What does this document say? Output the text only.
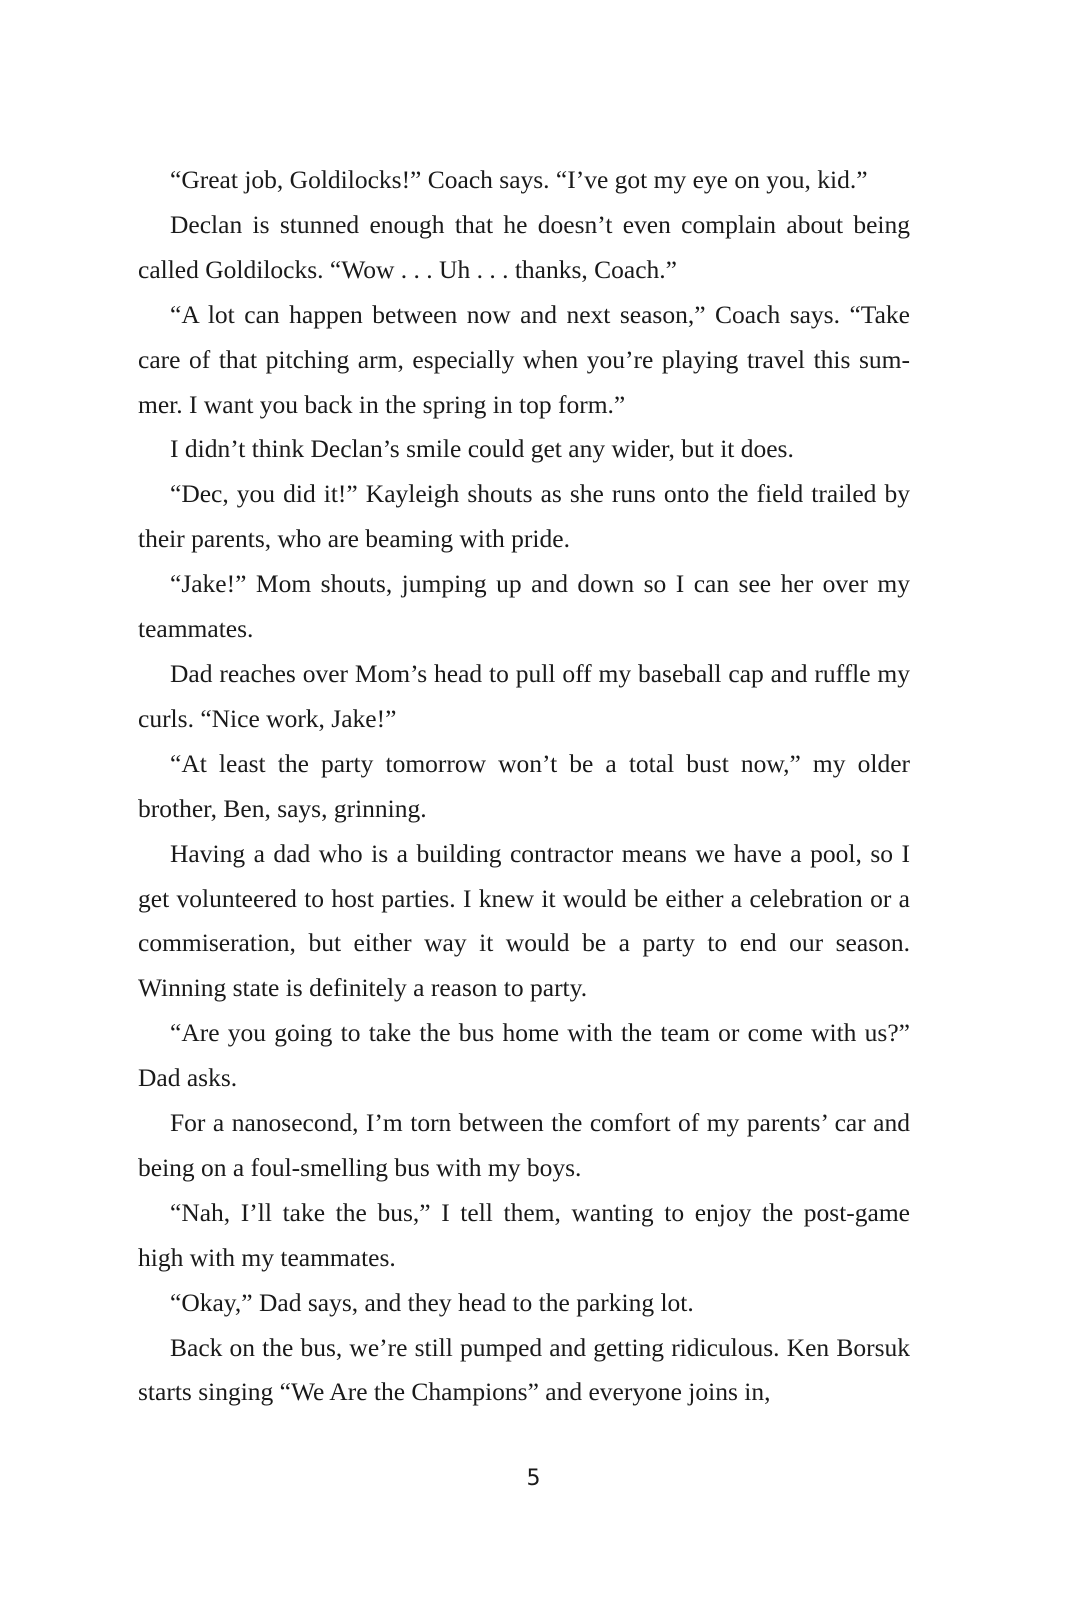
“Great job, Goldilocks!” Coach says. “I’ve got my eye on you, kid.”

Declan is stunned enough that he doesn’t even complain about being called Goldilocks. “Wow . . . Uh . . . thanks, Coach.”

“A lot can happen between now and next season,” Coach says. “Take care of that pitching arm, especially when you’re playing travel this summer. I want you back in the spring in top form.”

I didn’t think Declan’s smile could get any wider, but it does.

“Dec, you did it!” Kayleigh shouts as she runs onto the field trailed by their parents, who are beaming with pride.

“Jake!” Mom shouts, jumping up and down so I can see her over my teammates.

Dad reaches over Mom’s head to pull off my baseball cap and ruffle my curls. “Nice work, Jake!”

“At least the party tomorrow won’t be a total bust now,” my older brother, Ben, says, grinning.

Having a dad who is a building contractor means we have a pool, so I get volunteered to host parties. I knew it would be either a celebration or a commiseration, but either way it would be a party to end our season. Winning state is definitely a reason to party.

“Are you going to take the bus home with the team or come with us?” Dad asks.

For a nanosecond, I’m torn between the comfort of my parents’ car and being on a foul-smelling bus with my boys.

“Nah, I’ll take the bus,” I tell them, wanting to enjoy the post-game high with my teammates.

“Okay,” Dad says, and they head to the parking lot.

Back on the bus, we’re still pumped and getting ridiculous. Ken Borsuk starts singing “We Are the Champions” and everyone joins in,

5
